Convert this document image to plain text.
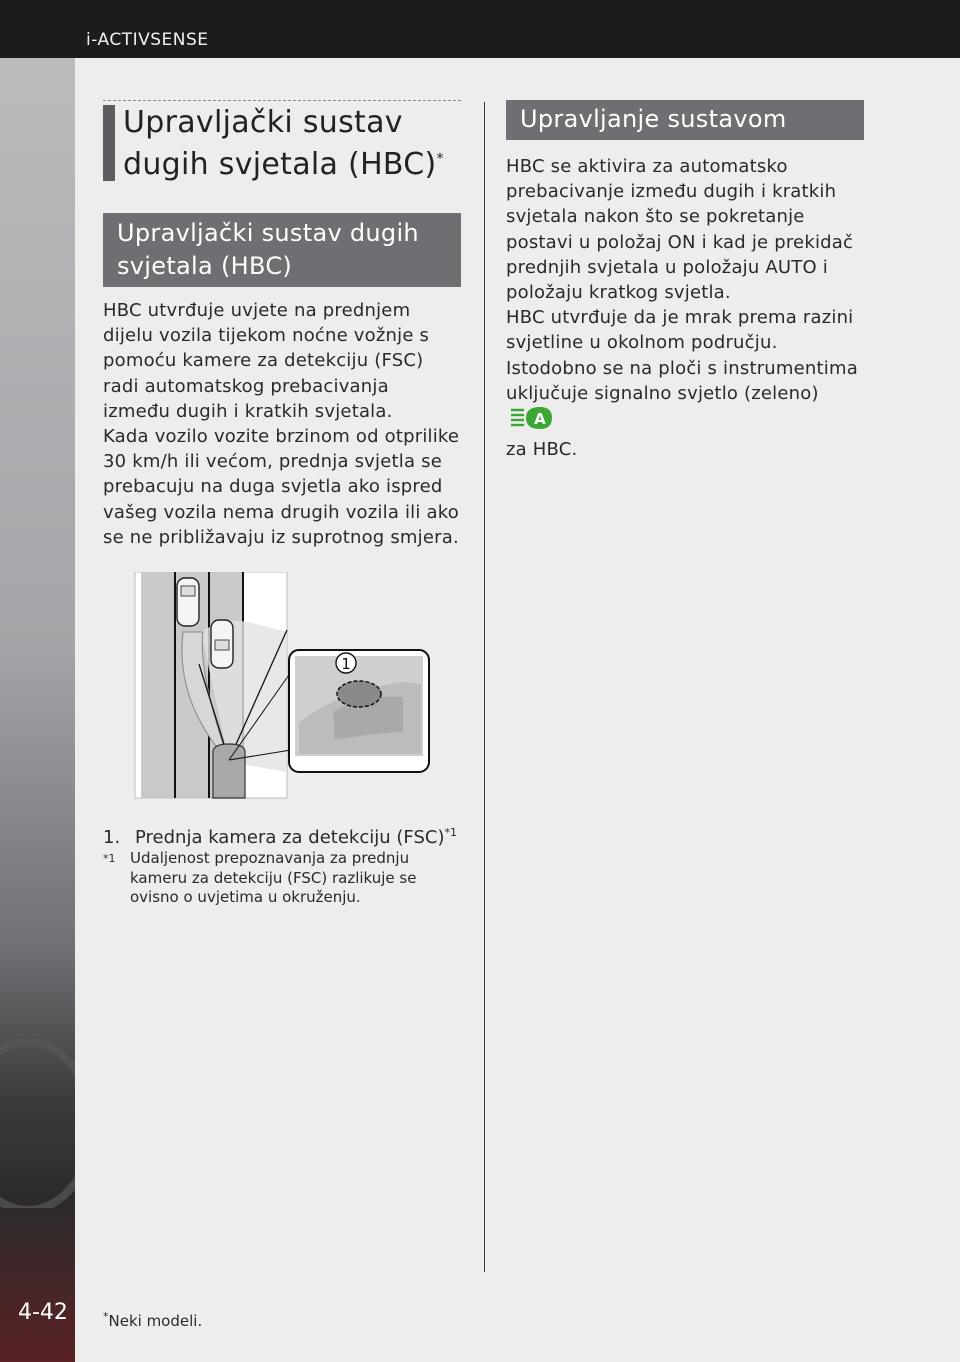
i-ACTIVSENSE
4-42
Upravljački sustav dugih svjetala (HBC)*
Upravljački sustav dugih svjetala (HBC)

HBC utvrđuje uvjete na prednjem dijelu vozila tijekom noćne vožnje s pomoću kamere za detekciju (FSC) radi automatskog prebacivanja između dugih i kratkih svjetala.

Kada vozilo vozite brzinom od otprilike 30 km/h ili većom, prednja svjetla se prebacuju na duga svjetla ako ispred vašeg vozila nema drugih vozila ili ako se ne približavaju iz suprotnog smjera.

1
1. Prednja kamera za detekciju (FSC)$^{*1}$
$^{*1}$ Udaljenost prepoznavanja za prednju kameru za detekciju (FSC) razlikuje se ovisno o uvjetima u okruženju.
Upravljanje sustavom

HBC se aktivira za automatsko prebacivanje između dugih i kratkih svjetala nakon što se pokretanje postavi u položaj ON i kad je prekidač prednjih svjetala u položaju AUTO i položaju kratkog svjetla.

HBC utvrđuje da je mrak prema razini svjetline u okolnom području.

Istodobno se na ploči s instrumentima uključuje signalno svjetlo (zeleno)
A

za HBC.

*Neki modeli.
